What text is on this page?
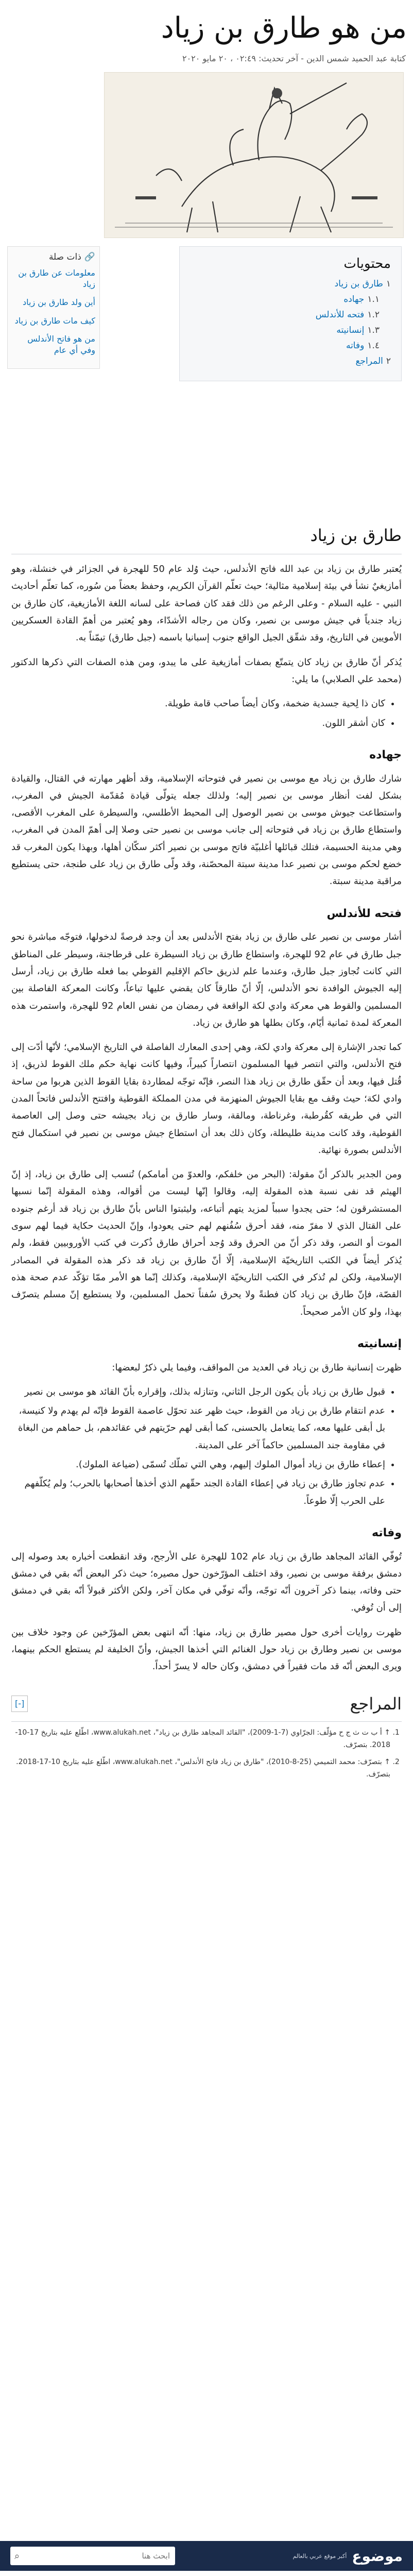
من هو طارق بن زياد
كتابة عبد الحميد شمس الدين - آخر تحديث: ٠٢:٤٩ ، ٢٠ مايو ٢٠٢٠
🔗
ذات صلة
معلومات عن طارق بن زياد
أين ولد طارق بن زياد
كيف مات طارق بن زياد
من هو فاتح الأندلس وفي أي عام
محتويات
١طارق بن زياد
١.١جهاده
١.٢فتحه للأندلس
١.٣إنسانيته
١.٤وفاته
٢المراجع
طارق بن زياد

يُعتبر طارق بن زياد بن عبد الله فاتح الأندلس، حيث وُلد عام 50 للهجرة في الجزائر في خنشلة، وهو أمازيغيٌ نشأ في بيئة إسلامية مثالية؛ حيث تعلّم القرآن الكريم، وحفظ بعضاً من سُوره، كما تعلّم أحاديث النبي - عليه السلام - وعلى الرغم من ذلك فقد كان فصاحة على لسانه اللغة الأمازيغية، كان طارق بن زياد جندياً في جيش موسى بن نصير، وكان من رجاله الأشدّاء، وهو يُعتبر من أهمّ القادة العسكريين الأمويين في التاريخ، وقد شقّق الجيل الواقع جنوب إسبانيا باسمه (جبل طارق) تيمّناً به.

يُذكر أنّ طارق بن زياد كان يتمتّع بصفات أمازيغية على ما يبدو، ومن هذه الصفات التي ذكرها الدكتور (محمد علي الصلابي) ما يلي:

• كان ذا لِحية جسدية ضخمة، وكان أيضاً صاحب قامة طويلة.
• كان أشقر اللون.
جهاده

شارك طارق بن زياد مع موسى بن نصير في فتوحاته الإسلامية، وقد أظهر مهارته في القتال، والقيادة بشكل لفت أنظار موسى بن نصير إليه؛ ولذلك جعله يتولّى قيادة مُقدّمة الجيش في المغرب، واستطاعت جيوش موسى بن نصير الوصول إلى المحيط الأطلسي، والسيطرة على المغرب الأقصى، واستطاع طارق بن زياد في فتوحاته إلى جانب موسى بن نصير حتى وصلا إلى أهمّ المدن في المغرب، وهي مدينة الحسيمة، فتلك قبائلها أغلبيّة فاتح موسى بن نصير أكثر سكّان أهلها، وبهذا يكون المغرب قد خضع لحكم موسى بن نصير عدا مدينة سبتة المحصّنة، وقد ولّى طارق بن زياد على طنجة، حتى يستطيع مراقبة مدينة سبتة.

فتحه للأندلس

أشار موسى بن نصير على طارق بن زياد بفتح الأندلس بعد أن وجد فرصةً لدخولها، فتوجّه مباشرة نحو جبل طارق في عام 92 للهجرة، واستطاع طارق بن زياد السيطرة على قرطاجنة، وسيطر على المناطق التي كانت تُجاوز جبل طارق، وعندما علم لذريق حاكم الإقليم القوطي بما فعله طارق بن زياد، أرسل إليه الجيوش الوافدة نحو الأندلس، إلّا أنّ طارقاً كان يقضي عليها تباعاً، وكانت المعركة الفاصلة بين المسلمين والقوط هي معركة وادي لكة الواقعة في رمضان من نفس العام 92 للهجرة، واستمرت هذه المعركة لمدة ثمانية أيّام، وكان بطلها هو طارق بن زياد.

كما تجدر الإشارة إلى معركة وادي لكة، وهي إحدى المعارك الفاصلة في التاريخ الإسلامي؛ لأنّها أدّت إلى فتح الأندلس، والتي انتصر فيها المسلمون انتصاراً كبيراً، وفيها كانت نهاية حكم ملك القوط لذريق، إذ قُتل فيها، وبعد أن حقّق طارق بن زياد هذا النصر، فإنّه توجّه لمطاردة بقايا القوط الذين هربوا من ساحة وادي لكة؛ حيث وقف مع بقايا الجيوش المنهزمة في مدن المملكة القوطية وافتتح الأندلس فاتحاً المدن التي في طريقه كقُرطبة، وغرناطة، ومالقة، وسار طارق بن زياد بجيشه حتى وصل إلى العاصمة القوطية، وقد كانت مدينة طليطلة، وكان ذلك بعد أن استطاع جيش موسى بن نصير في استكمال فتح الأندلس بصورة نهائية.

ومن الجدير بالذكر أنّ مقولة: (البحر من خلفكم، والعدوّ من أمامكم) تُنسب إلى طارق بن زياد، إذ إنّ الهيثم قد نفى نسبة هذه المقولة إليه، وقالوا إنّها ليست من أقواله، وهذه المقولة إنّما نسبها المستشرقون له؛ حتى يجدوا سبباً لمزيد يتهم أتباعه، وليثبتوا الناس بأنّ طارق بن زياد قد أرغم جنوده على القتال الذي لا مفرّ منه، فقد أحرق سُفُنهم لهم حتى يعودوا، وإنّ الحديث حكاية فيما لهم سوى الموت أو النصر، وقد ذكر أنّ من الحرق وقد وُجد أحراق طارق ذُكرت في كتب الأوروبيين فقط، ولم يُذكر أيضاً في الكتب التاريخيّة الإسلامية، إلّا أنّ طارق بن زياد قد ذكر هذه المقولة في المصادر الإسلامية، ولكن لم تُذكر في الكتب التاريخيّة الإسلامية، وكذلك إنّما هو الأمر ممّا تؤكّد عدم صحة هذه القصّة، فإنّ طارق بن زياد كان فطنةً ولا يحرق سُفناً تحمل المسلمين، ولا يستطيع إنّ مسلم يتصرّف بهذا، ولو كان الأمر صحيحاً.

إنسانيته

ظهرت إنسانية طارق بن زياد في العديد من المواقف، وفيما يلي ذكرٌ لبعضها:

• قبول طارق بن زياد بأن يكون الرجل الثاني، وتنازله بذلك، وإقراره بأنّ القائد هو موسى بن نصير
• عدم انتقام طارق بن زياد من القوط، حيث ظهر عند تحوّل عاصمة القوط فإنّه لم يهدم ولا كنيسة، بل أبقى عليها معه، كما يتعامل بالحسنى، كما أبقى لهم حرّيتهم في عقائدهم، بل حماهم من البغاة في مقاومة جند المسلمين حاكماً آخر على المدينة.
• إعطاء طارق بن زياد أموال الملوك إليهم، وهي التي تملّك تُسمّى (ضياعة الملوك).
• عدم تجاوز طارق بن زياد في إعطاء القادة الجند حقّهم الذي أخذها أصحابها بالحرب؛ ولم يُكلّفهم على الحرب إلّا طوعاً.
وفاته

تُوفّي القائد المجاهد طارق بن زياد عام 102 للهجرة على الأرجح، وقد انقطعت أخباره بعد وصوله إلى دمشق برفقة موسى بن نصير، وقد اختلف المؤرّخون حول مصيره؛ حيث ذكر البعض أنّه بقي في دمشق حتى وفاته، بينما ذكر آخرون أنّه توجّه، وأنّه توفّي في مكان آخر، ولكن الأكثر قبولاً أنّه بقي في دمشق إلى أن تُوفي.

ظهرت روايات أخرى حول مصير طارق بن زياد، منها: أنّه انتهى بعض المؤرّخين عن وجود خلاف بين موسى بن نصير وطارق بن زياد حول الغنائم التي أخذها الجيش، وأنّ الخليفة لم يستطع الحكم بينهما، ويرى البعض أنّه قد مات فقيراً في دمشق، وكان حاله لا يسرّ أحداً.

المراجع
[-]
1. ↑ أ ب ت ث ج ح مؤلّف: الجرّاوي (7-1-2009)، "القائد المجاهد طارق بن زياد"، www.alukah.net، اطّلع عليه بتاريخ 17-10-2018. بتصرّف.
2. ↑ بتصرّف: محمد التميمي (25-8-2010)، "طارق بن زياد فاتح الأندلس"، www.alukah.net، اطّلع عليه بتاريخ 10-17-2018. بتصرّف.
موضوع
أكبر موقع عربي بالعالم
ابحث هنا
⌕
